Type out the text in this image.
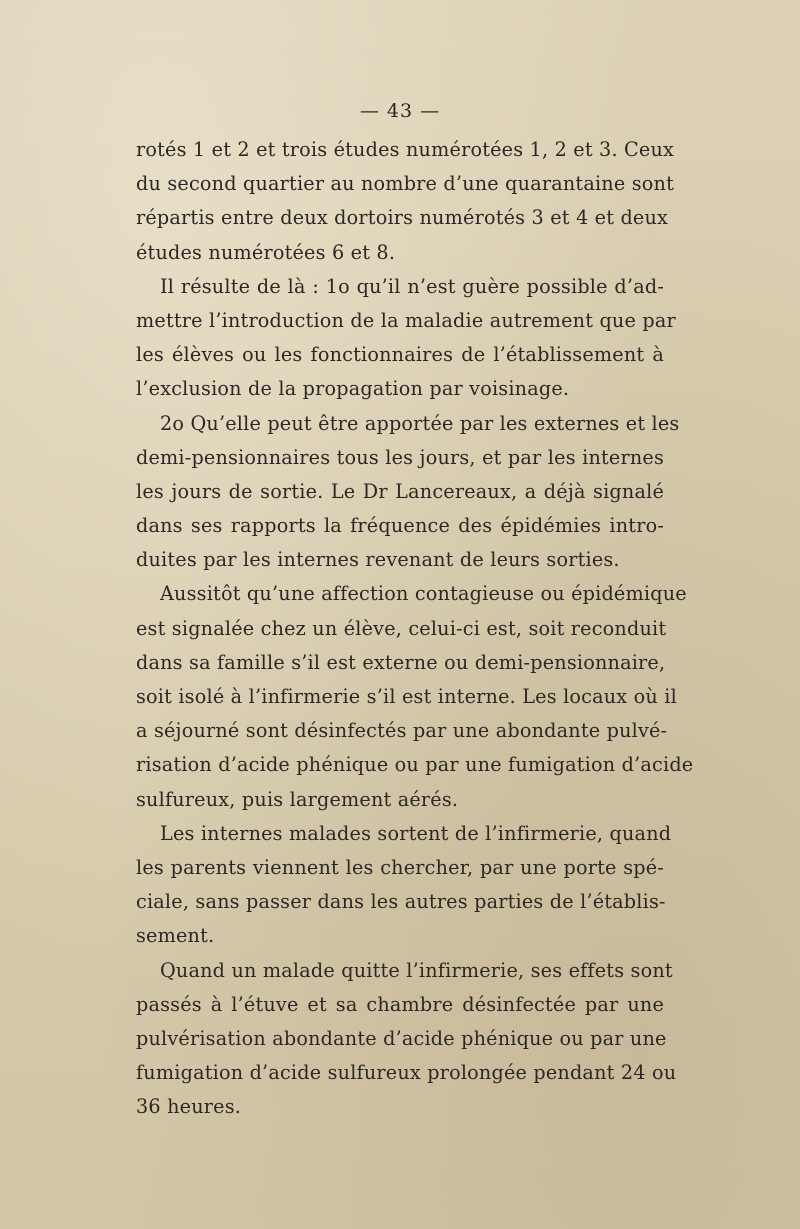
— 43 —
rotés 1 et 2 et trois études numérotées 1, 2 et 3. Ceux
du second quartier au nombre d’une quarantaine sont
répartis entre deux dortoirs numérotés 3 et 4 et deux
études numérotées 6 et 8.
Il résulte de là : 1o qu’il n’est guère possible d’ad-
mettre l’introduction de la maladie autrement que par
les élèves ou les fonctionnaires de l’établissement à
l’exclusion de la propagation par voisinage.
2o Qu’elle peut être apportée par les externes et les
demi-pensionnaires tous les jours, et par les internes
les jours de sortie. Le Dr Lancereaux, a déjà signalé
dans ses rapports la fréquence des épidémies intro-
duites par les internes revenant de leurs sorties.
Aussitôt qu’une affection contagieuse ou épidémique
est signalée chez un élève, celui-ci est, soit reconduit
dans sa famille s’il est externe ou demi-pensionnaire,
soit isolé à l’infirmerie s’il est interne. Les locaux où il
a séjourné sont désinfectés par une abondante pulvé-
risation d’acide phénique ou par une fumigation d’acide
sulfureux, puis largement aérés.
Les internes malades sortent de l’infirmerie, quand
les parents viennent les chercher, par une porte spé-
ciale, sans passer dans les autres parties de l’établis-
sement.
Quand un malade quitte l’infirmerie, ses effets sont
passés à l’étuve et sa chambre désinfectée par une
pulvérisation abondante d’acide phénique ou par une
fumigation d’acide sulfureux prolongée pendant 24 ou
36 heures.
